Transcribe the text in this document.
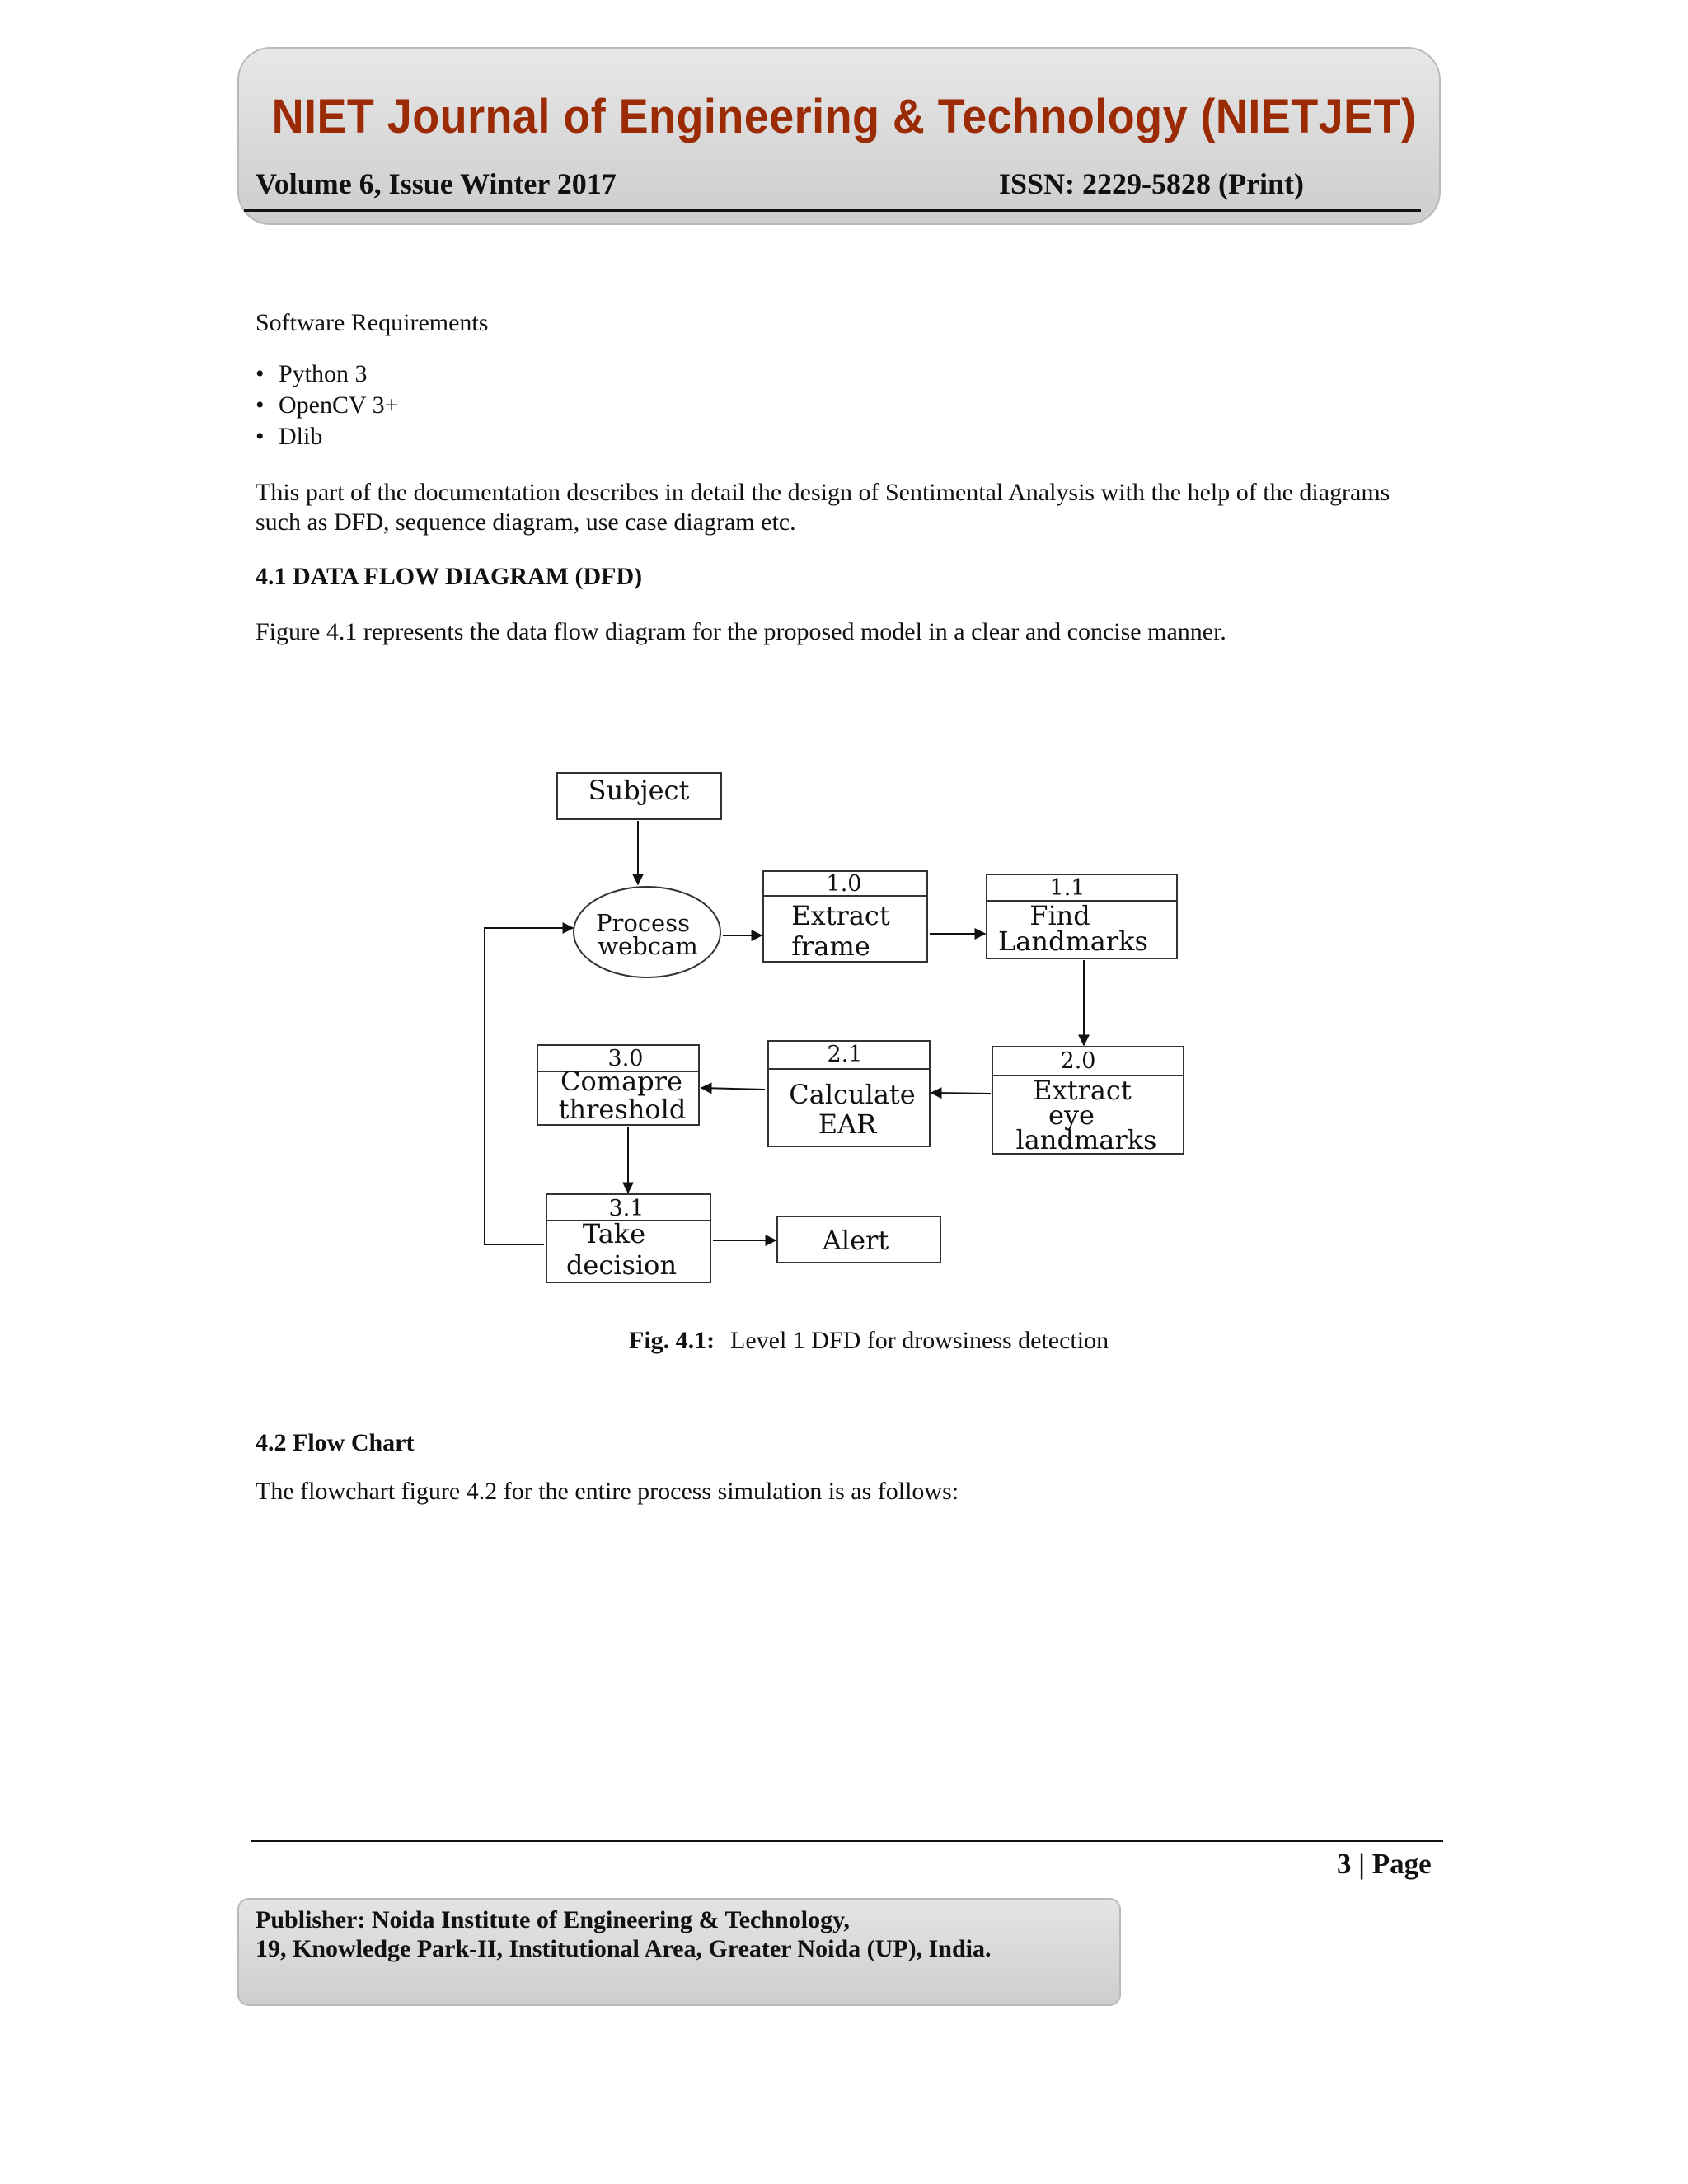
NIET Journal of Engineering & Technology (NIETJET)
Volume 6, Issue Winter 2017	ISSN: 2229-5828 (Print)
Software Requirements
• Python 3
• OpenCV 3+
• Dlib
This part of the documentation describes in detail the design of Sentimental Analysis with the help of the diagrams
such as DFD, sequence diagram, use case diagram etc.
4.1 DATA FLOW DIAGRAM (DFD)
Figure 4.1 represents the data flow diagram for the proposed model in a clear and concise manner.
Subject
Process
webcam
1.0
Extract
frame
1.1
Find
Landmarks
2.0
Extract
eye
landmarks
2.1
Calculate
EAR
3.0
Comapre
threshold
3.1
Take
decision
Alert
Fig. 4.1: Level 1 DFD for drowsiness detection
4.2 Flow Chart
The flowchart figure 4.2 for the entire process simulation is as follows:
3 | Page
Publisher: Noida Institute of Engineering & Technology,
19, Knowledge Park-II, Institutional Area, Greater Noida (UP), India.
